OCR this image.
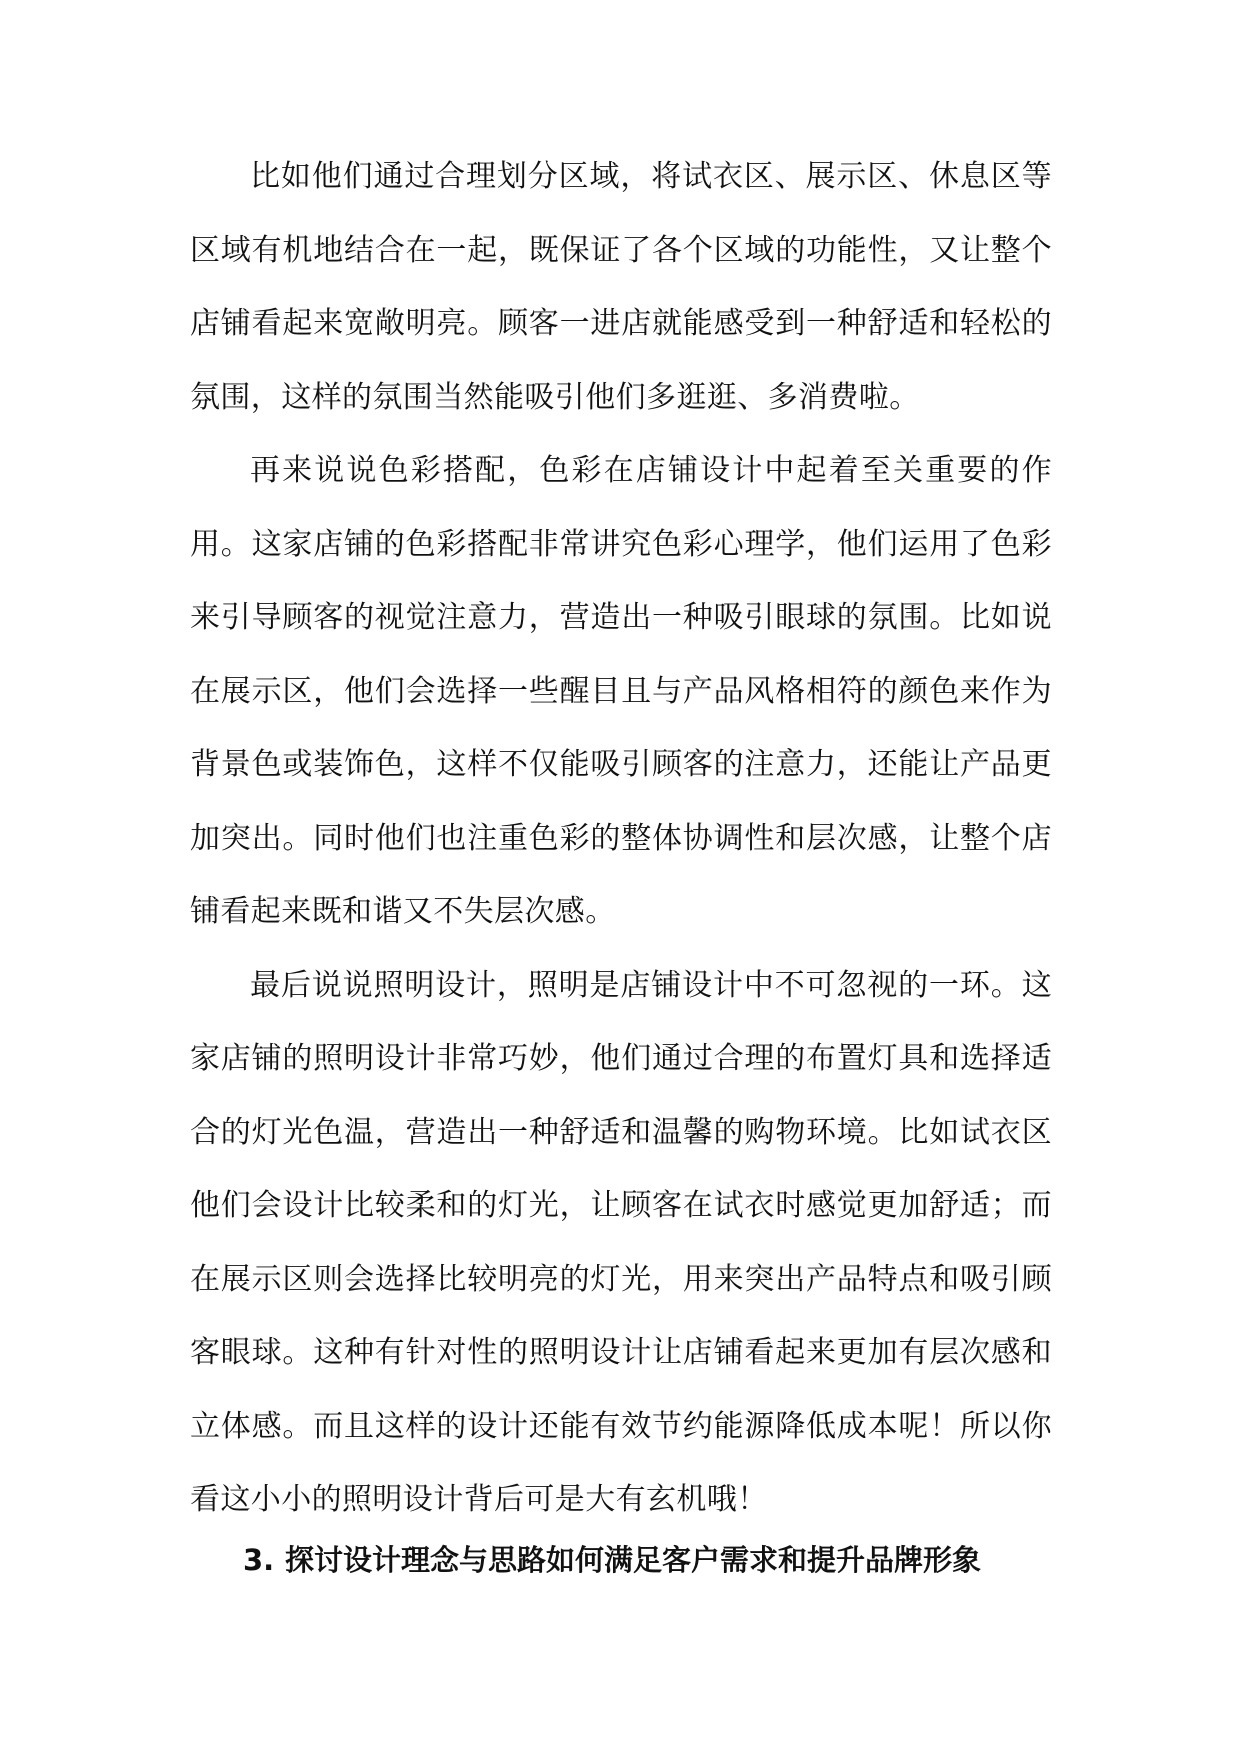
比如他们通过合理划分区域，将试衣区、展示区、休息区等区域有机地结合在一起，既保证了各个区域的功能性，又让整个店铺看起来宽敞明亮。顾客一进店就能感受到一种舒适和轻松的氛围，这样的氛围当然能吸引他们多逛逛、多消费啦。

再来说说色彩搭配，色彩在店铺设计中起着至关重要的作用。这家店铺的色彩搭配非常讲究色彩心理学，他们运用了色彩来引导顾客的视觉注意力，营造出一种吸引眼球的氛围。比如说在展示区，他们会选择一些醒目且与产品风格相符的颜色来作为背景色或装饰色，这样不仅能吸引顾客的注意力，还能让产品更加突出。同时他们也注重色彩的整体协调性和层次感，让整个店铺看起来既和谐又不失层次感。

最后说说照明设计，照明是店铺设计中不可忽视的一环。这家店铺的照明设计非常巧妙，他们通过合理的布置灯具和选择适合的灯光色温，营造出一种舒适和温馨的购物环境。比如试衣区他们会设计比较柔和的灯光，让顾客在试衣时感觉更加舒适；而在展示区则会选择比较明亮的灯光，用来突出产品特点和吸引顾客眼球。这种有针对性的照明设计让店铺看起来更加有层次感和立体感。而且这样的设计还能有效节约能源降低成本呢！所以你看这小小的照明设计背后可是大有玄机哦！

3. 探讨设计理念与思路如何满足客户需求和提升品牌形象
